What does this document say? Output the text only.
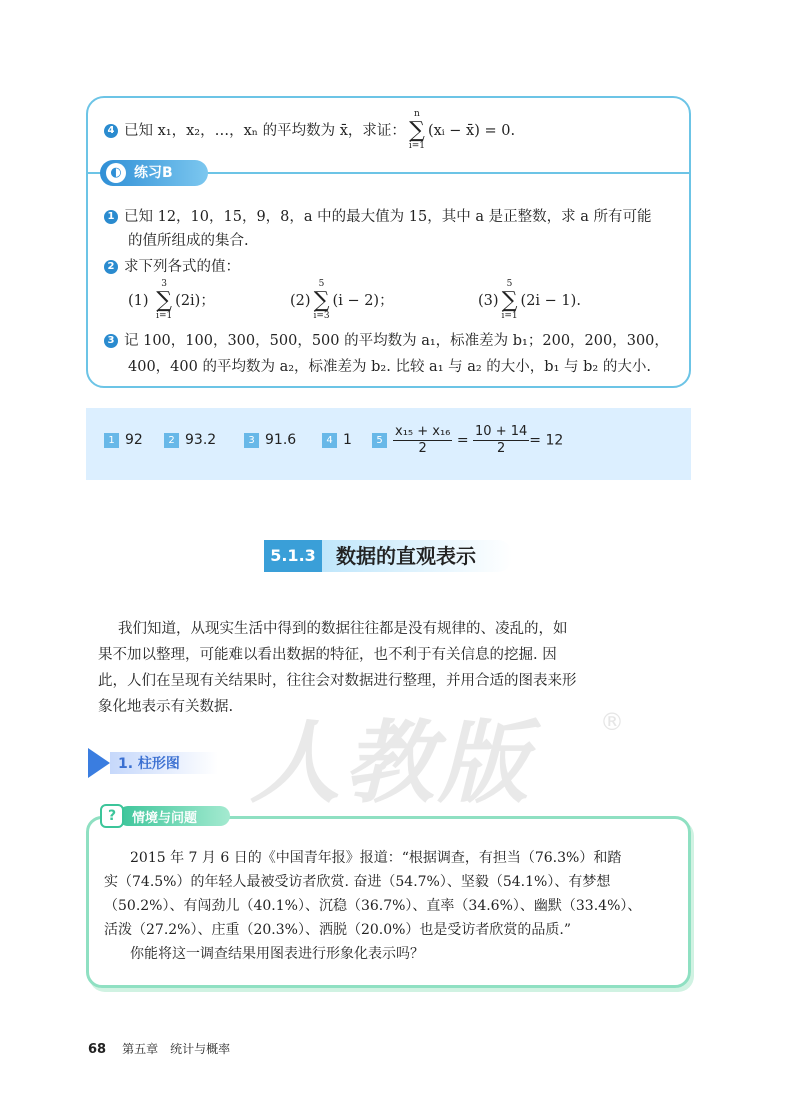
4 已知 x₁，x₂，…，xₙ 的平均数为 x̄，求证：
n
∑
i=1
(xᵢ − x̄) = 0.
◐ 练习B
1 已知 12，10，15，9，8，a 中的最大值为 15，其中 a 是正整数，求 a 所有可能
的值所组成的集合.
2 求下列各式的值：
(1)
3
∑
i=1
(2i)；	(2)
5
∑
i=3
(i − 2)；	(3)
5
∑
i=1
(2i − 1).
3 记 100，100，300，500，500 的平均数为 a₁，标准差为 b₁；200，200，300，
400，400 的平均数为 a₂，标准差为 b₂. 比较 a₁ 与 a₂ 的大小，b₁ 与 b₂ 的大小.
1 92	2 93.2	3 91.6	4 1	$5 \frac{\text{x₁₅ + x₁₆}}{2} = \frac{10 + 14}{2} = 12$
5.1.3	数据的直观表示
人教版	®
我们知道，从现实生活中得到的数据往往都是没有规律的、凌乱的，如
果不加以整理，可能难以看出数据的特征，也不利于有关信息的挖掘. 因
此，人们在呈现有关结果时，往往会对数据进行整理，并用合适的图表来形
象化地表示有关数据.
1. 柱形图
?	情境与问题
2015 年 7 月 6 日的《中国青年报》报道：“根据调查，有担当（76.3%）和踏
实（74.5%）的年轻人最被受访者欣赏. 奋进（54.7%）、坚毅（54.1%）、有梦想
（50.2%）、有闯劲儿（40.1%）、沉稳（36.7%）、直率（34.6%）、幽默（33.4%）、
活泼（27.2%）、庄重（20.3%）、洒脱（20.0%）也是受访者欣赏的品质.”
你能将这一调查结果用图表进行形象化表示吗？
68 第五章　统计与概率
